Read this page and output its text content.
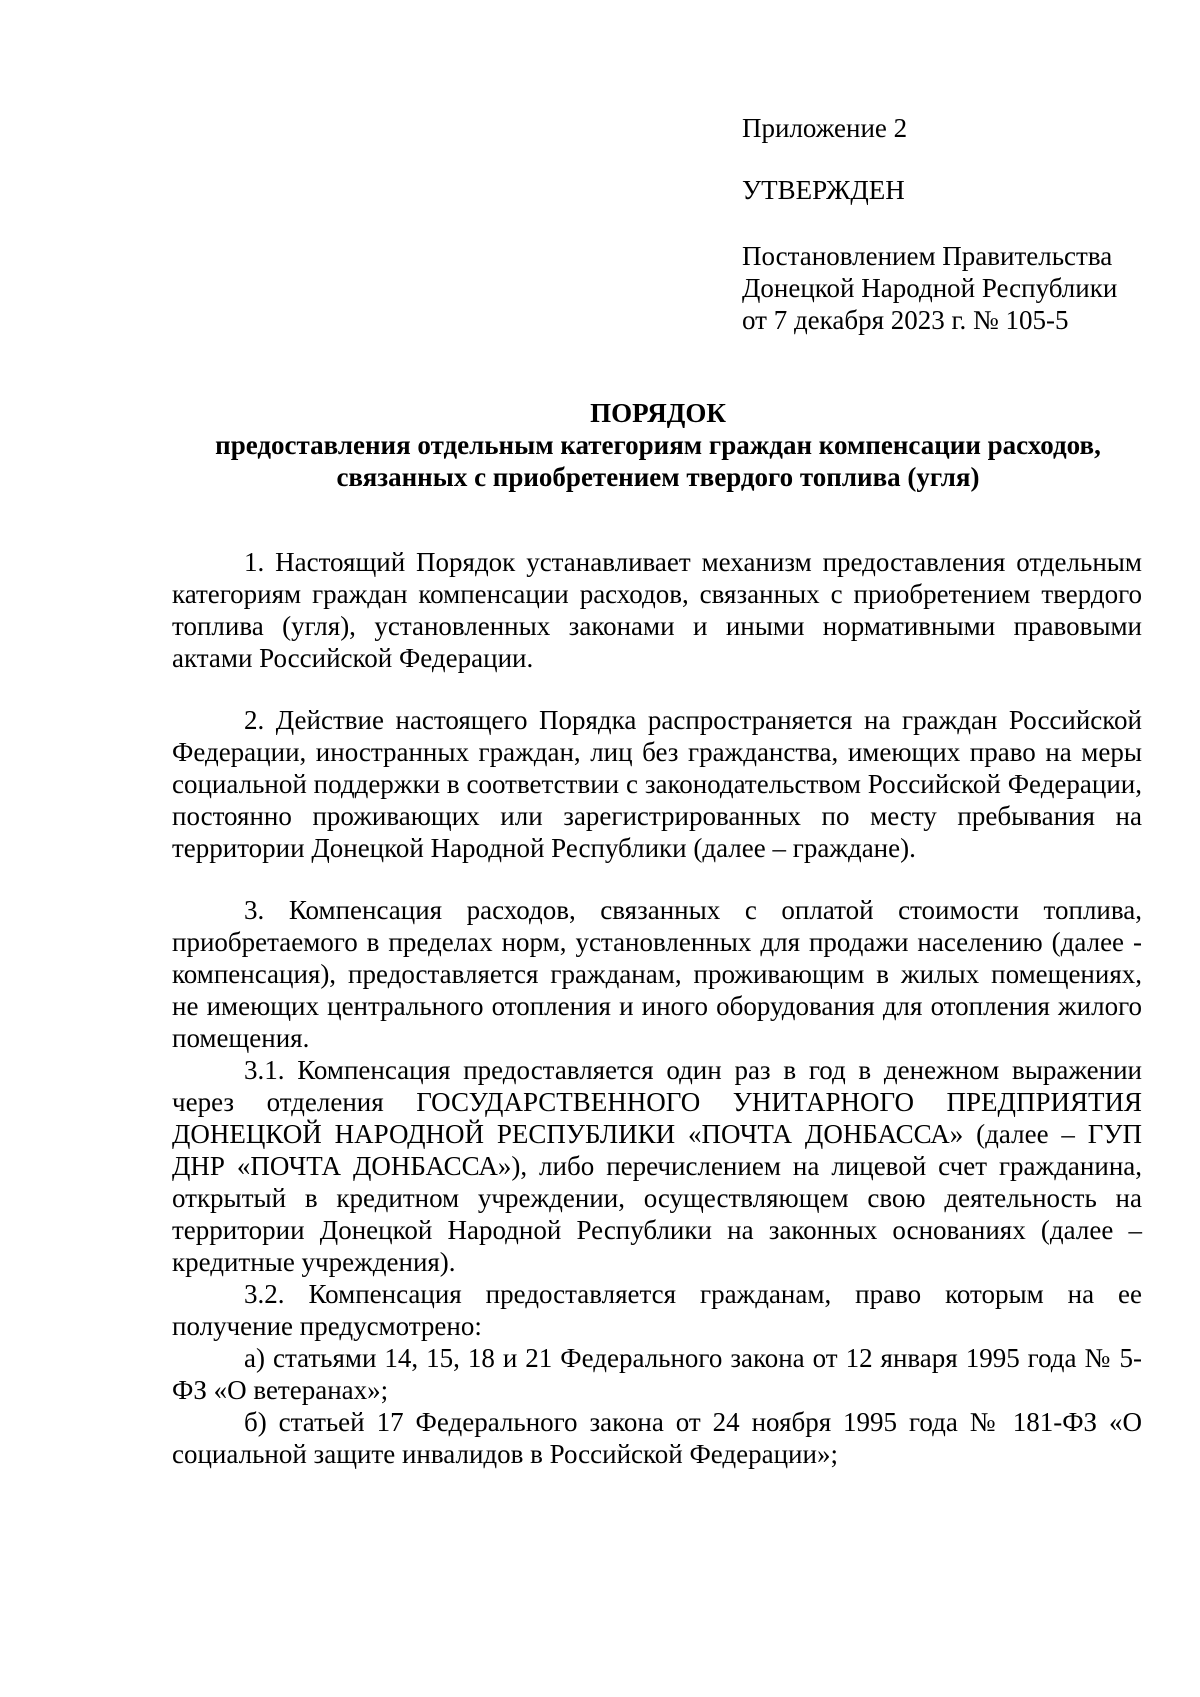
Приложение 2

УТВЕРЖДЕН

Постановлением Правительства

Донецкой Народной Республики

от 7 декабря 2023 г. № 105-5

ПОРЯДОК
предоставления отдельным категориям граждан компенсации расходов,
связанных с приобретением твердого топлива (угля)

1. Настоящий Порядок устанавливает механизм предоставления отдельным категориям граждан компенсации расходов, связанных с приобретением твердого топлива (угля), установленных законами и иными нормативными правовыми актами Российской Федерации.

2. Действие настоящего Порядка распространяется на граждан Российской Федерации, иностранных граждан, лиц без гражданства, имеющих право на меры социальной поддержки в соответствии с законодательством Российской Федерации, постоянно проживающих или зарегистрированных по месту пребывания на территории Донецкой Народной Республики (далее – граждане).

3. Компенсация расходов, связанных с оплатой стоимости топлива, приобретаемого в пределах норм, установленных для продажи населению (далее - компенсация), предоставляется гражданам, проживающим в жилых помещениях, не имеющих центрального отопления и иного оборудования для отопления жилого помещения.

3.1. Компенсация предоставляется один раз в год в денежном выражении через отделения ГОСУДАРСТВЕННОГО УНИТАРНОГО ПРЕДПРИЯТИЯ ДОНЕЦКОЙ НАРОДНОЙ РЕСПУБЛИКИ «ПОЧТА ДОНБАССА» (далее – ГУП ДНР «ПОЧТА ДОНБАССА»), либо перечислением на лицевой счет гражданина, открытый в кредитном учреждении, осуществляющем свою деятельность на территории Донецкой Народной Республики на законных основаниях (далее – кредитные учреждения).

3.2. Компенсация предоставляется гражданам, право которым на ее получение предусмотрено:

а) статьями 14, 15, 18 и 21 Федерального закона от 12 января 1995 года № 5-ФЗ «О ветеранах»;

б) статьей 17 Федерального закона от 24 ноября 1995 года № 181-ФЗ «О социальной защите инвалидов в Российской Федерации»;
